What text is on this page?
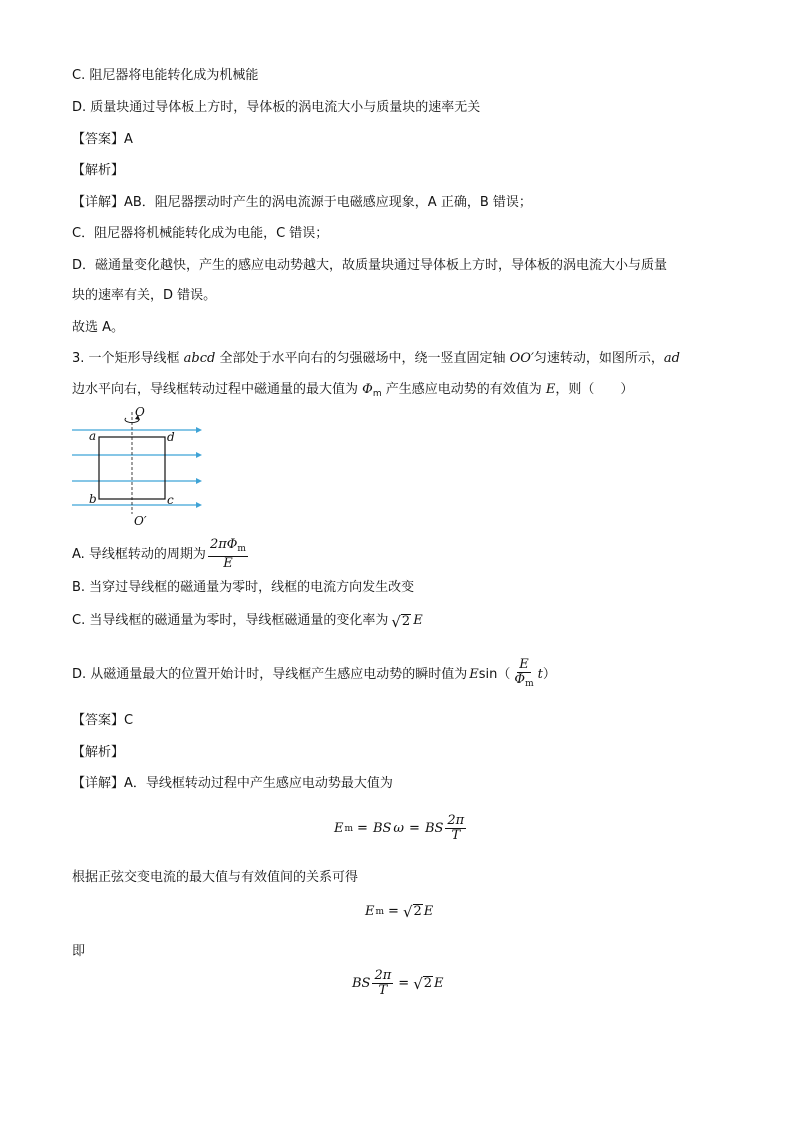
C. 阻尼器将电能转化成为机械能
D. 质量块通过导体板上方时，导体板的涡电流大小与质量块的速率无关
【答案】A
【解析】
【详解】AB．阻尼器摆动时产生的涡电流源于电磁感应现象，A 正确，B 错误；
C．阻尼器将机械能转化成为电能，C 错误；
D．磁通量变化越快，产生的感应电动势越大，故质量块通过导体板上方时，导体板的涡电流大小与质量
块的速率有关，D 错误。
故选 A。
3. 一个矩形导线框 abcd 全部处于水平向右的匀强磁场中，绕一竖直固定轴 OO′匀速转动，如图所示，ad
边水平向右，导线框转动过程中磁通量的最大值为 $\Phi_m$ 产生感应电动势的有效值为 E，则（　　）
O
O′
a	d
b	c
A. 导线框转动的周期为 $\frac{2\pi\Phi_m}{E}$
B. 当穿过导线框的磁通量为零时，线框的电流方向发生改变
C. 当导线框的磁通量为零时，导线框磁通量的变化率为 √ 2 E
D. 从磁通量最大的位置开始计时，导线框产生感应电动势的瞬时值为 E $\sin( \frac{E}{\Phi_m}$ t ）
【答案】C
【解析】
【详解】A．导线框转动过程中产生感应电动势最大值为
E m = BS ω = BS $\frac{2\pi}{T}$
根据正弦交变电流的最大值与有效值间的关系可得
E m = √ 2 E
即
BS $\frac{2\pi}{T}$ = √ 2 E
